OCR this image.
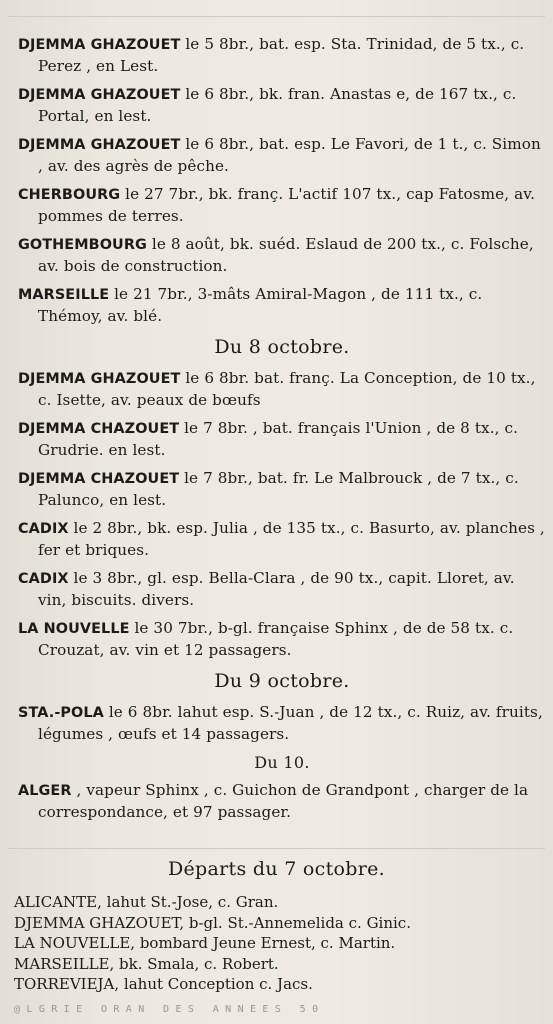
DJEMMA GHAZOUET le 5 8br., bat. esp. Sta. Trinidad, de 5 tx., c. Perez , en Lest.
DJEMMA GHAZOUET le 6 8br., bk. fran. Anastas e, de 167 tx., c. Portal, en lest.
DJEMMA GHAZOUET le 6 8br., bat. esp. Le Favori, de 1 t., c. Simon , av. des agrès de pêche.
CHERBOURG le 27 7br., bk. franç. L'actif 107 tx., cap Fatosme, av. pommes de terres.
GOTHEMBOURG le 8 août, bk. suéd. Eslaud de 200 tx., c. Folsche, av. bois de construction.
MARSEILLE le 21 7br., 3-mâts Amiral-Magon , de 111 tx., c. Thémoy, av. blé.
Du 8 octobre.
DJEMMA GHAZOUET le 6 8br. bat. franç. La Conception, de 10 tx., c. Isette, av. peaux de bœufs
DJEMMA CHAZOUET le 7 8br. , bat. français l'Union , de 8 tx., c. Grudrie. en lest.
DJEMMA CHAZOUET le 7 8br., bat. fr. Le Malbrouck , de 7 tx., c. Palunco, en lest.
CADIX le 2 8br., bk. esp. Julia , de 135 tx., c. Basurto, av. planches , fer et briques.
CADIX le 3 8br., gl. esp. Bella-Clara , de 90 tx., capit. Lloret, av. vin, biscuits. divers.
LA NOUVELLE le 30 7br., b-gl. française Sphinx , de de 58 tx. c. Crouzat, av. vin et 12 passagers.
Du 9 octobre.
STA.-POLA le 6 8br. lahut esp. S.-Juan , de 12 tx., c. Ruiz, av. fruits, légumes , œufs et 14 passagers.
Du 10.
ALGER , vapeur Sphinx , c. Guichon de Grandpont , charger de la correspondance, et 97 passager.
Départs du 7 octobre.

ALICANTE, lahut St.-Jose, c. Gran.

DJEMMA GHAZOUET, b-gl. St.-Annemelida c. Ginic.

LA NOUVELLE, bombard Jeune Ernest, c. Martin.

MARSEILLE, bk. Smala, c. Robert.

TORREVIEJA, lahut Conception c. Jacs.

@LGRIE ORAN DES ANNEES 50
